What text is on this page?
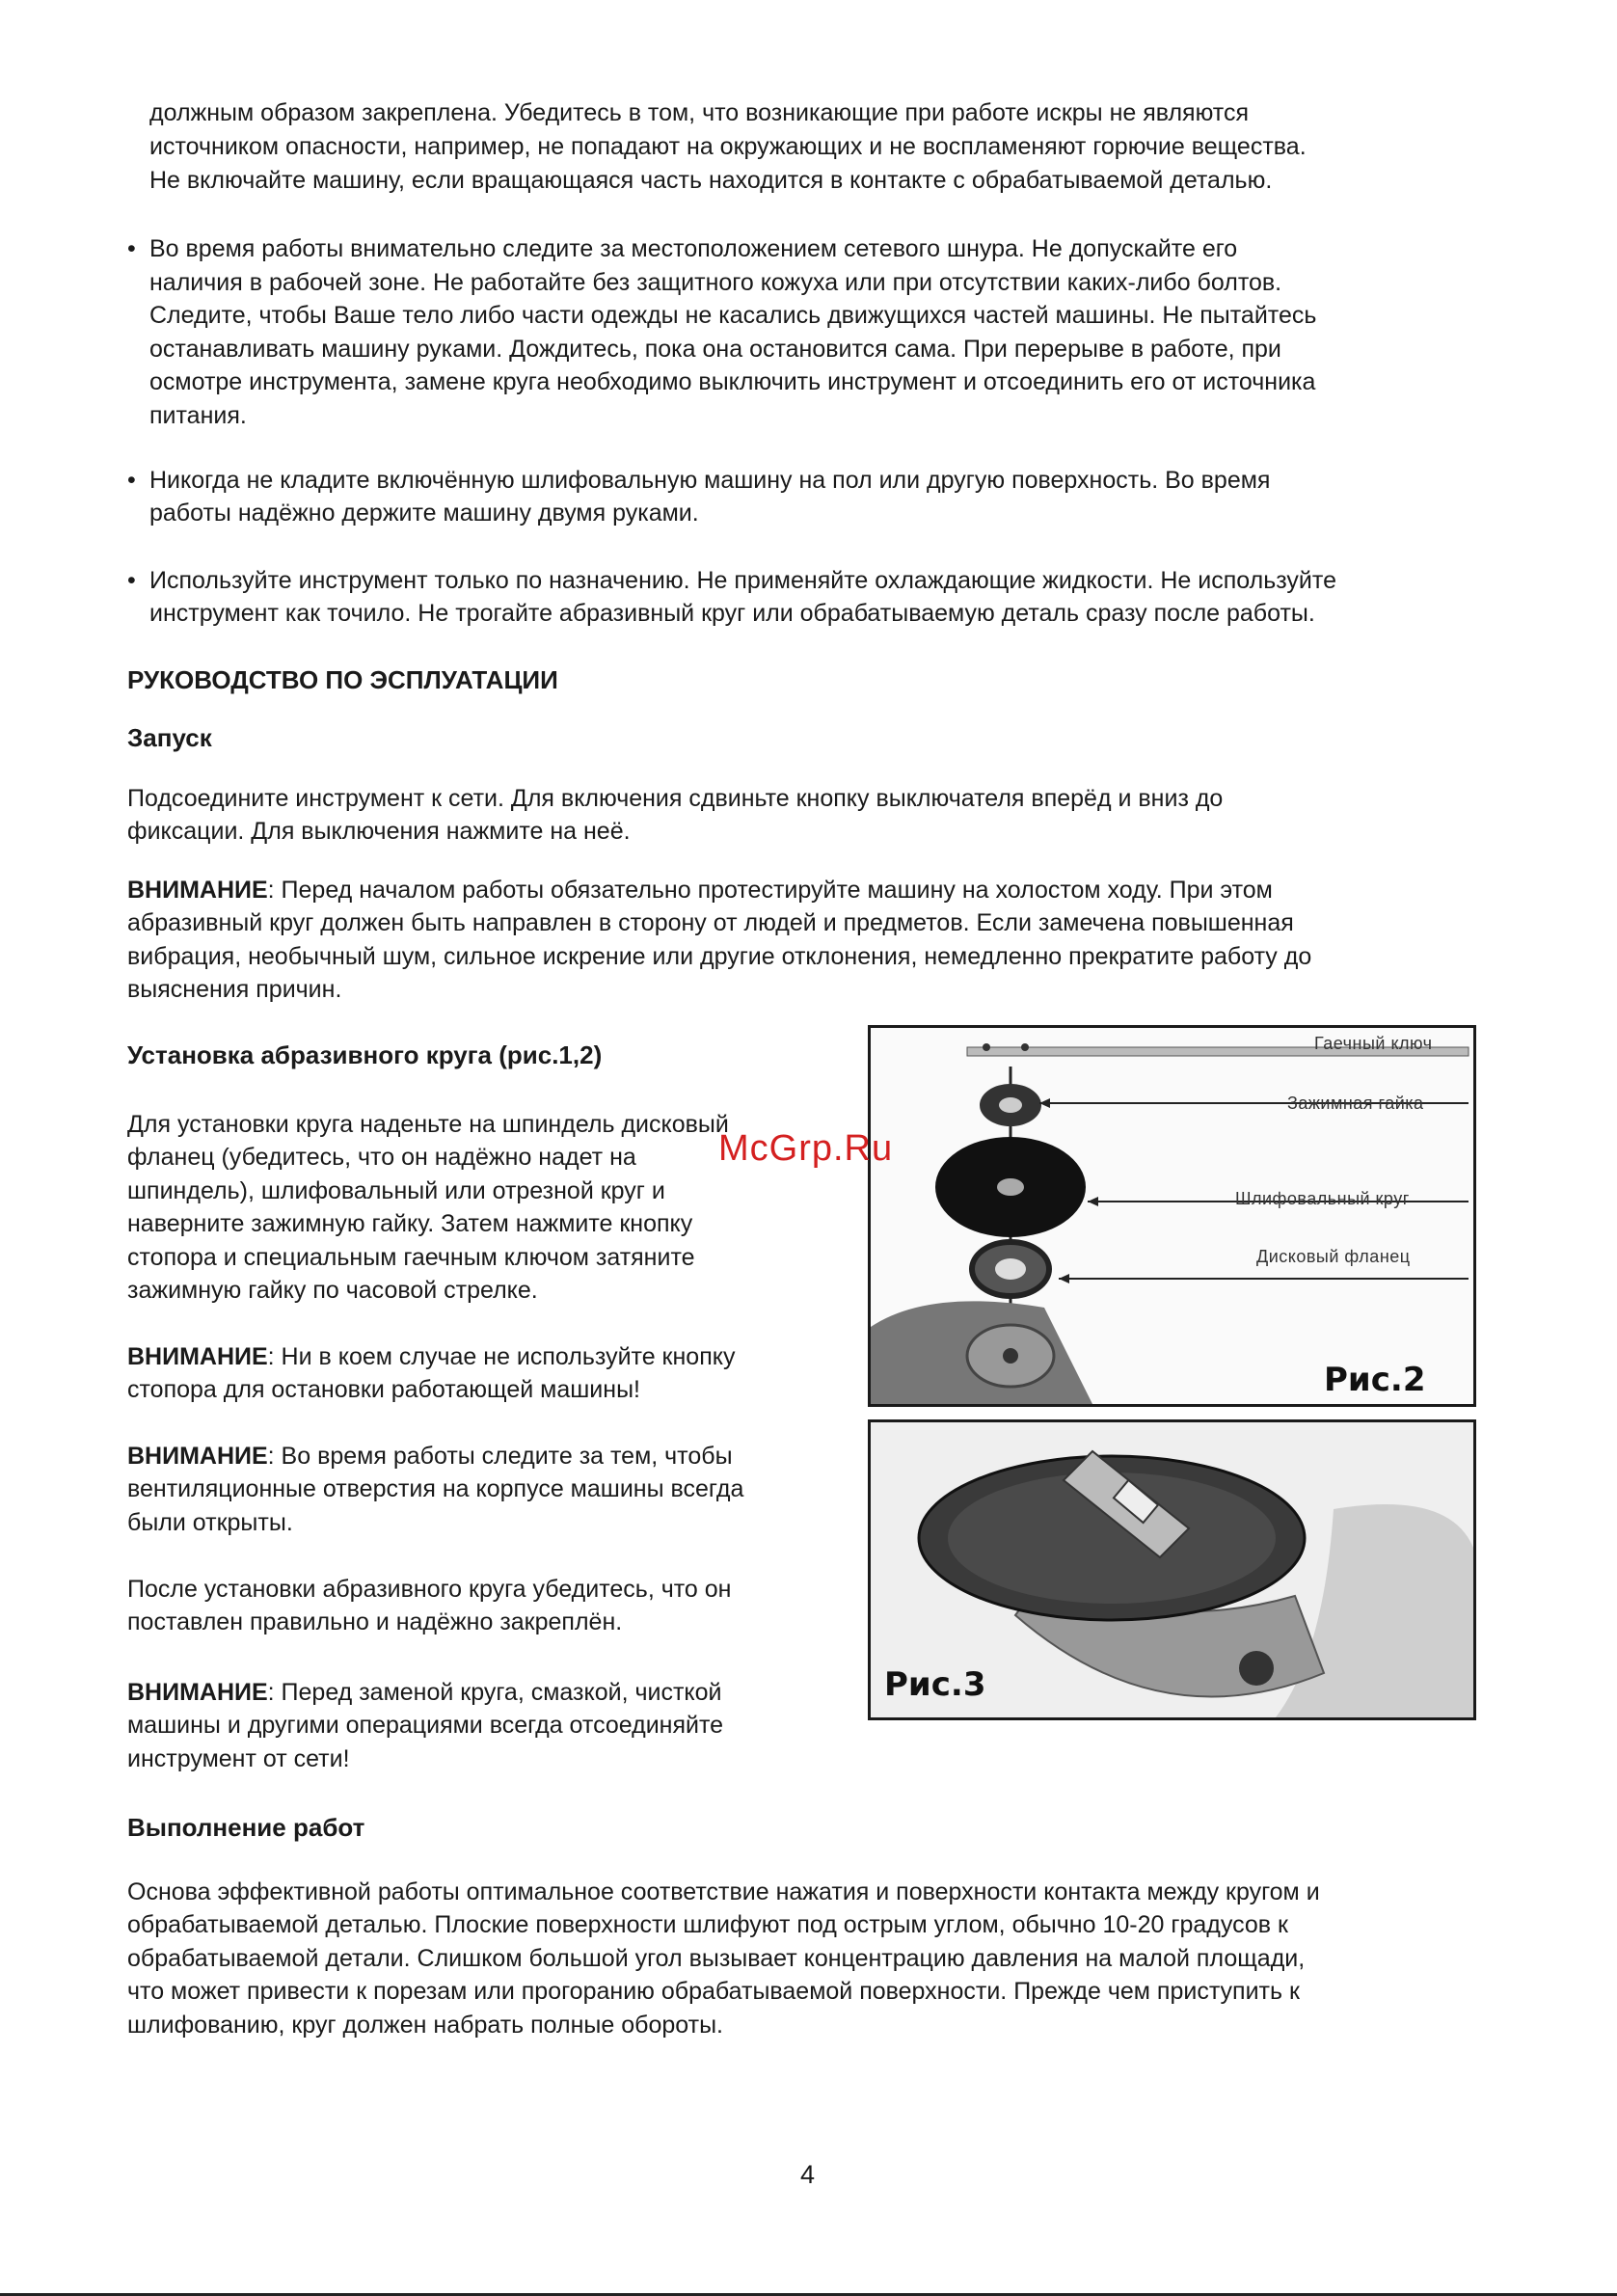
должным образом закреплена. Убедитесь в том, что возникающие при работе искры не являются

источником опасности, например, не попадают на окружающих и не воспламеняют горючие вещества.

Не включайте машину, если вращающаяся часть находится в контакте с обрабатываемой деталью.

• Во время работы внимательно следите за местоположением сетевого шнура. Не допускайте его

наличия в рабочей зоне. Не работайте без защитного кожуха или при отсутствии каких-либо болтов.

Следите, чтобы Ваше тело либо части одежды не касались движущихся частей машины. Не пытайтесь

останавливать машину руками. Дождитесь, пока она остановится сама. При перерыве в работе, при

осмотре инструмента, замене круга необходимо выключить инструмент и отсоединить его от источника

питания.

• Никогда не кладите включённую шлифовальную машину на пол или другую поверхность. Во время

работы надёжно держите машину двумя руками.

• Используйте инструмент только по назначению. Не применяйте охлаждающие жидкости. Не используйте

инструмент как точило. Не трогайте абразивный круг или обрабатываемую деталь сразу после работы.

РУКОВОДСТВО ПО ЭСПЛУАТАЦИИ
Запуск

Подсоедините инструмент к сети. Для включения сдвиньте кнопку выключателя вперёд и вниз до

фиксации. Для выключения нажмите на неё.

ВНИМАНИЕ: Перед началом работы обязательно протестируйте машину на холостом ходу. При этом

абразивный круг должен быть направлен в сторону от людей и предметов. Если замечена повышенная

вибрация, необычный шум, сильное искрение или другие отклонения, немедленно прекратите работу до

выяснения причин.

Установка абразивного круга (рис.1,2)

Для установки круга наденьте на шпиндель дисковый

фланец (убедитесь, что он надёжно надет на

шпиндель), шлифовальный или отрезной круг и

наверните зажимную гайку. Затем нажмите кнопку

стопора и специальным гаечным ключом затяните

зажимную гайку по часовой стрелке.

ВНИМАНИЕ: Ни в коем случае не используйте кнопку

стопора для остановки работающей машины!

ВНИМАНИЕ: Во время работы следите за тем, чтобы

вентиляционные отверстия на корпусе машины всегда

были открыты.

После установки абразивного круга убедитесь, что он

поставлен правильно и надёжно закреплён.

ВНИМАНИЕ: Перед заменой круга, смазкой, чисткой

машины и другими операциями всегда отсоединяйте

инструмент от сети!

Гаечный ключ
Зажимная гайка
Шлифовальный круг
Дисковый фланец
Рис.2
Рис.3
McGrp.Ru
Выполнение работ

Основа эффективной работы оптимальное соответствие нажатия и поверхности контакта между кругом и

обрабатываемой деталью. Плоские поверхности шлифуют под острым углом, обычно 10-20 градусов к

обрабатываемой детали. Слишком большой угол вызывает концентрацию давления на малой площади,

что может привести к порезам или прогоранию обрабатываемой поверхности. Прежде чем приступить к

шлифованию, круг должен набрать полные обороты.

4
